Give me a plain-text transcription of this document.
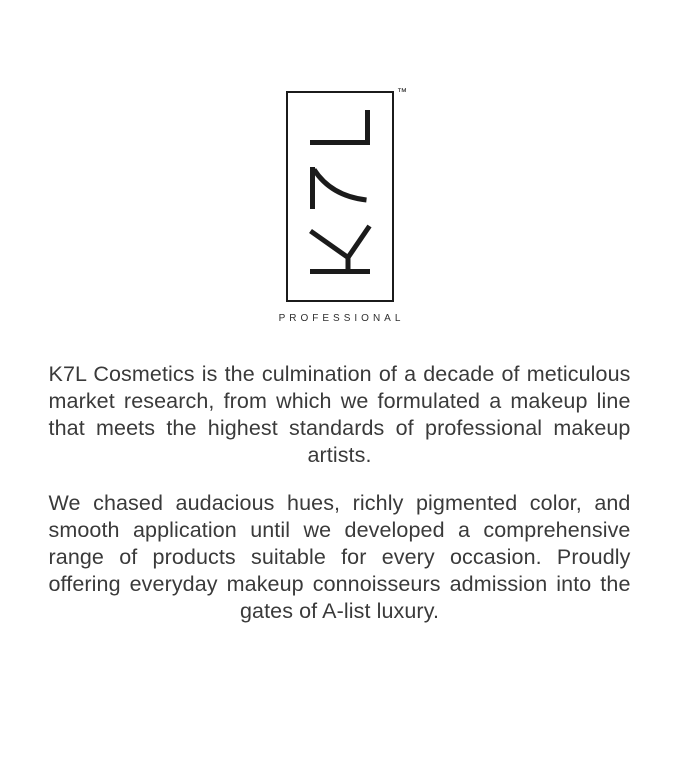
™
PROFESSIONAL

K7L Cosmetics is the culmination of a decade of meticulous market research, from which we formulated a makeup line that meets the highest standards of professional makeup artists.

We chased audacious hues, richly pigmented color, and smooth application until we developed a comprehensive range of products suitable for every occasion. Proudly offering everyday makeup connoisseurs admission into the gates of A-list luxury.
